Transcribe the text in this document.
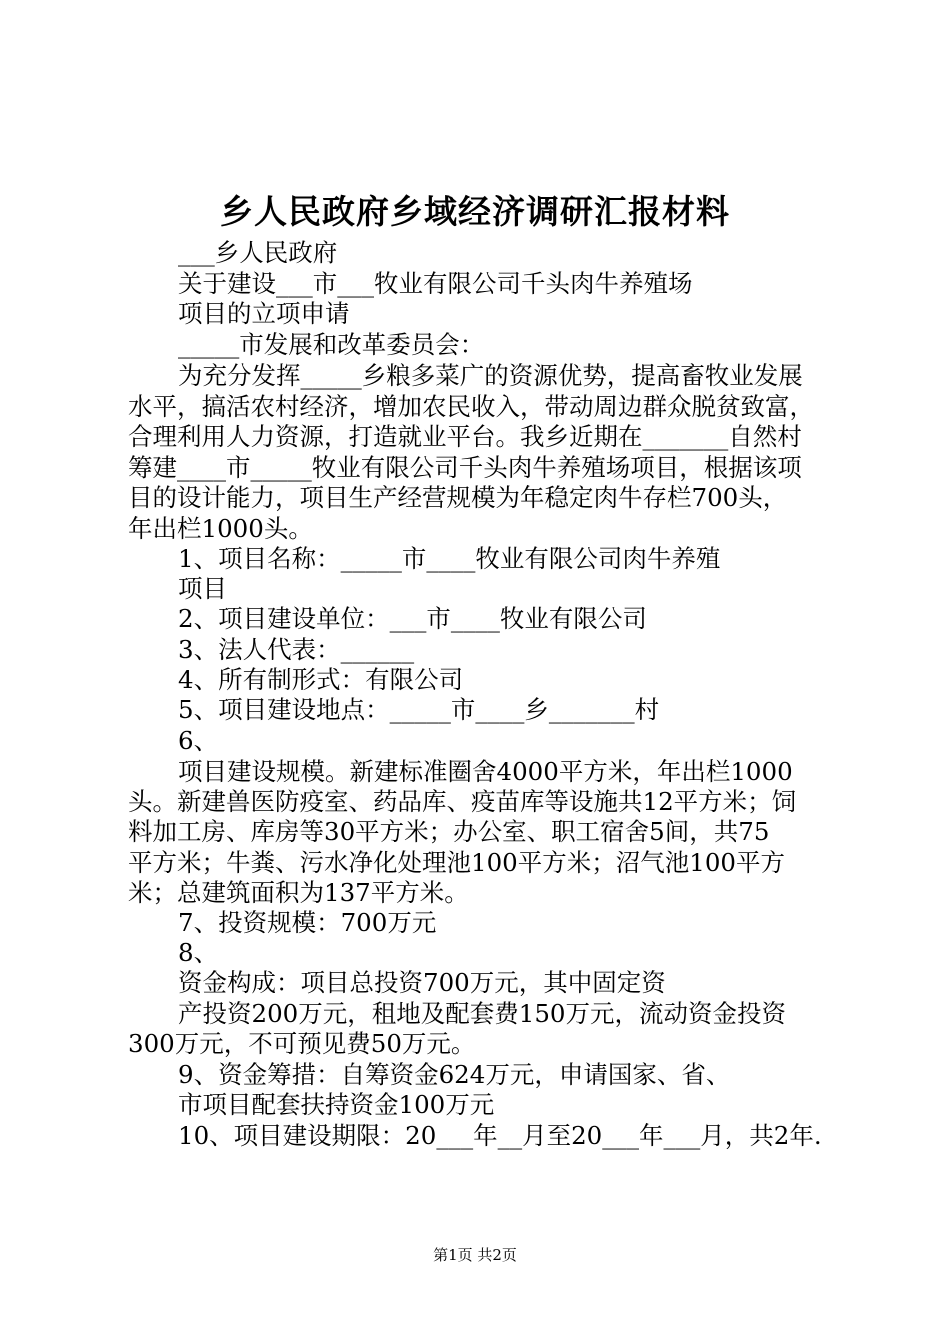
乡人民政府乡域经济调研汇报材料
___乡人民政府
关于建设___市___牧业有限公司千头肉牛养殖场
项目的立项申请
_____市发展和改革委员会：
为充分发挥_____乡粮多菜广的资源优势，提高畜牧业发展
水平，搞活农村经济，增加农民收入，带动周边群众脱贫致富，
合理利用人力资源，打造就业平台。我乡近期在_______自然村
筹建____市_____牧业有限公司千头肉牛养殖场项目，根据该项
目的设计能力，项目生产经营规模为年稳定肉牛存栏700头，
年出栏1000头。
1、项目名称：_____市____牧业有限公司肉牛养殖
项目
2、项目建设单位：___市____牧业有限公司
3、法人代表：______
4、所有制形式：有限公司
5、项目建设地点：_____市____乡_______村
6、
项目建设规模。新建标准圈舍4000平方米，年出栏1000
头。新建兽医防疫室、药品库、疫苗库等设施共12平方米；饲
料加工房、库房等30平方米；办公室、职工宿舍5间，共75
平方米；牛粪、污水净化处理池100平方米；沼气池100平方
米；总建筑面积为137平方米。
7、投资规模：700万元
8、
资金构成：项目总投资700万元，其中固定资
产投资200万元，租地及配套费150万元，流动资金投资
300万元，不可预见费50万元。
9、资金筹措：自筹资金624万元，申请国家、省、
市项目配套扶持资金100万元
10、项目建设期限：20___年__月至20___年___月，共2年.
第1页 共2页
